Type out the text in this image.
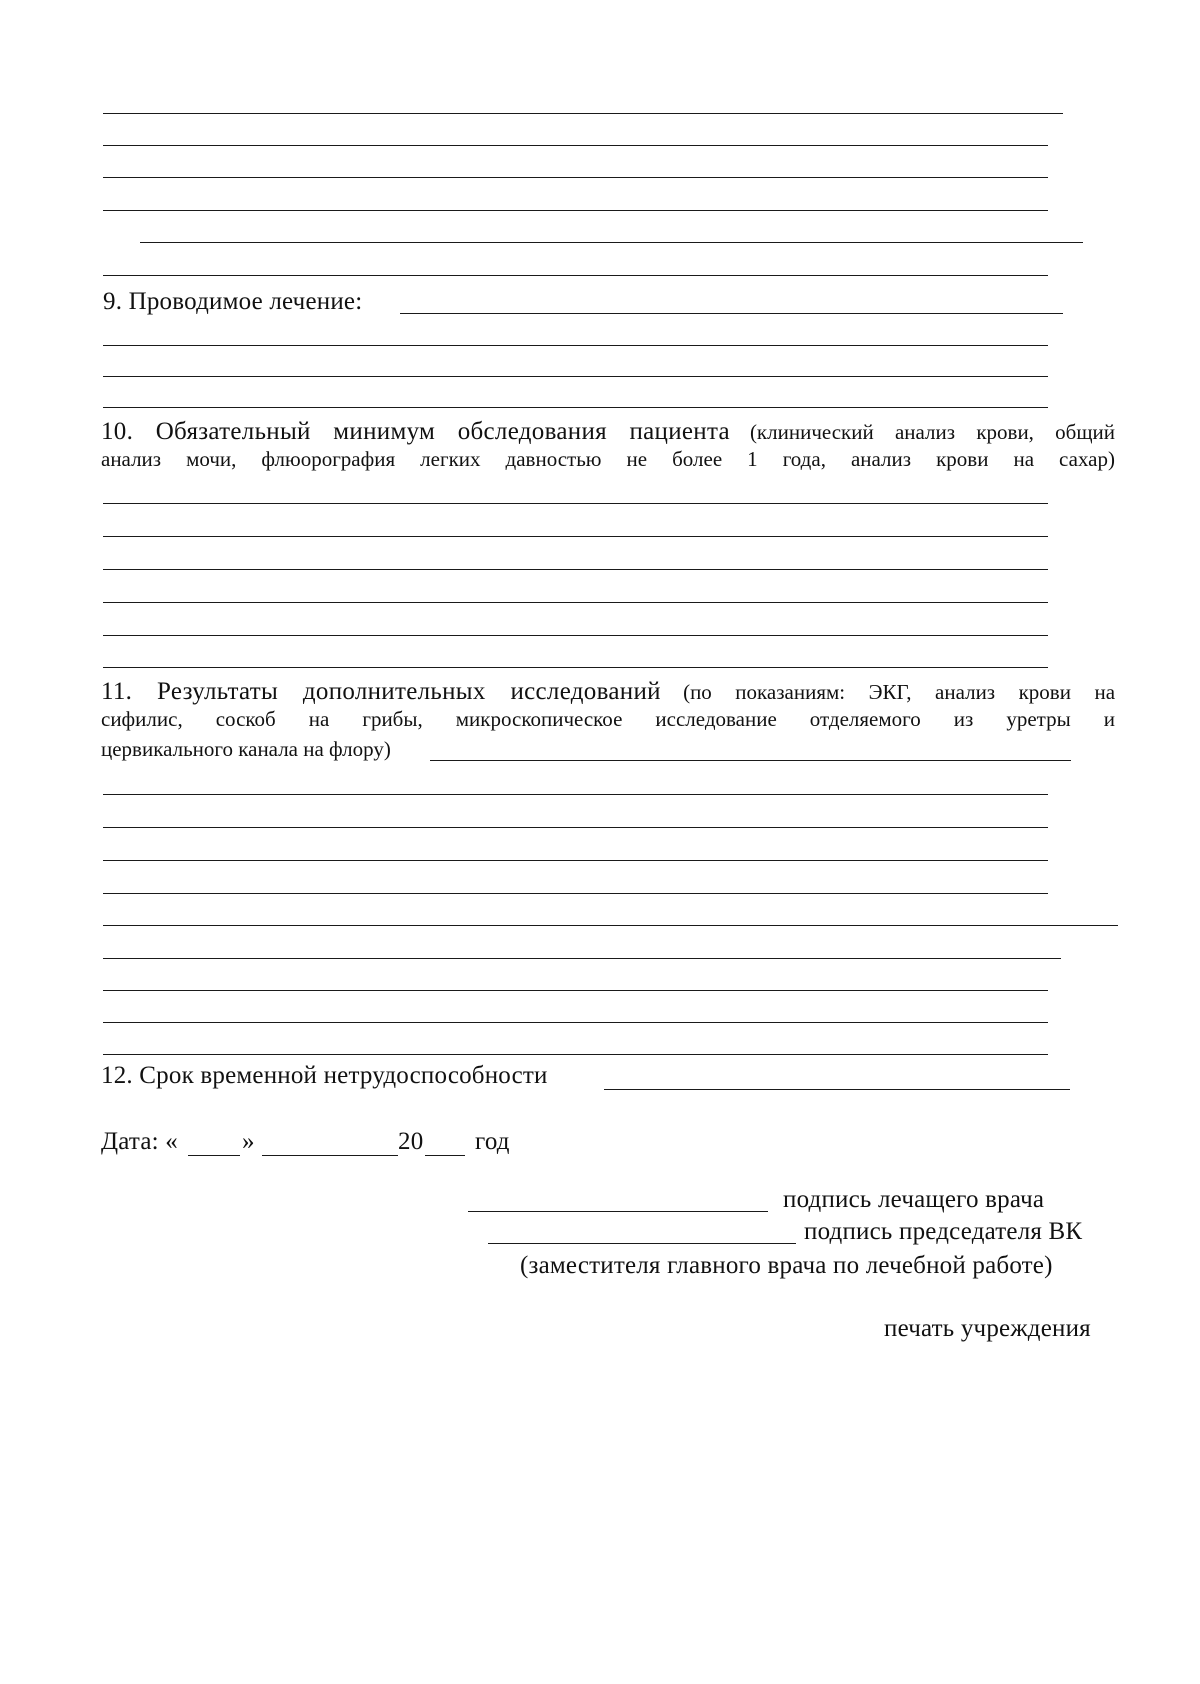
9. Проводимое лечение:
10. Обязательный минимум обследования пациента (клинический анализ крови, общий
анализ мочи, флюорография легких давностью не более 1 года, анализ крови на сахар)
11. Результаты дополнительных исследований (по показаниям: ЭКГ, анализ крови на
сифилис, соскоб на грибы, микроскопическое исследование отделяемого из уретры и
цервикального канала на флору)
12. Срок временной нетрудоспособности
Дата: «	»	20 год
подпись лечащего врача
подпись председателя ВК
(заместителя главного врача по лечебной работе)
печать учреждения
